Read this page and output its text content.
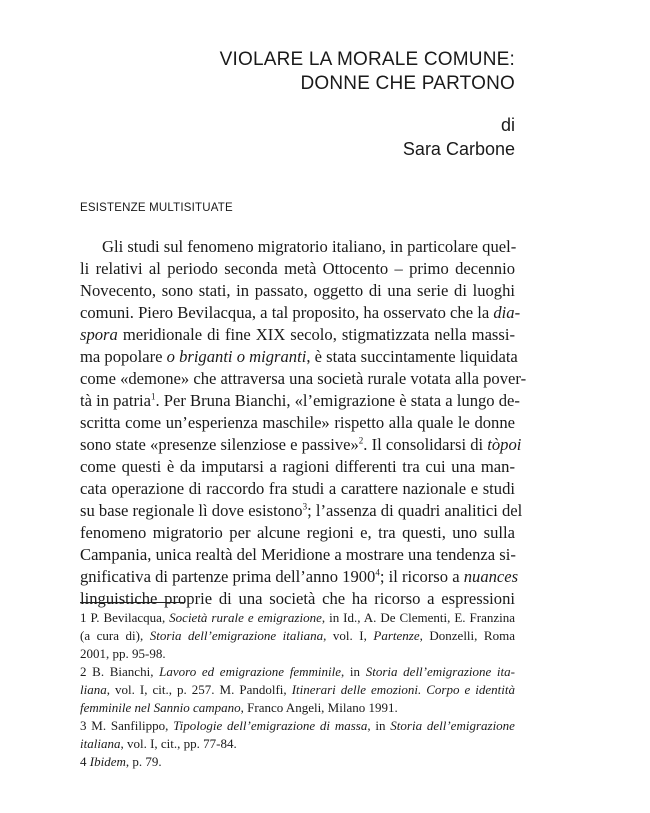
VIOLARE LA MORALE COMUNE:
DONNE CHE PARTONO
di
Sara Carbone
ESISTENZE MULTISITUATE
Gli studi sul fenomeno migratorio italiano, in particolare quel-
li relativi al periodo seconda metà Ottocento – primo decennio
Novecento, sono stati, in passato, oggetto di una serie di luoghi
comuni. Piero Bevilacqua, a tal proposito, ha osservato che la dia-
spora meridionale di fine XIX secolo, stigmatizzata nella massi-
ma popolare o briganti o migranti, è stata succintamente liquidata
come «demone» che attraversa una società rurale votata alla pover-
tà in patria$^1$. Per Bruna Bianchi, «l’emigrazione è stata a lungo de-
scritta come un’esperienza maschile» rispetto alla quale le donne
sono state «presenze silenziose e passive»$^2$. Il consolidarsi di tòpoi
come questi è da imputarsi a ragioni differenti tra cui una man-
cata operazione di raccordo fra studi a carattere nazionale e studi
su base regionale lì dove esistono$^3$; l’assenza di quadri analitici del
fenomeno migratorio per alcune regioni e, tra questi, uno sulla
Campania, unica realtà del Meridione a mostrare una tendenza si-
gnificativa di partenze prima dell’anno 1900$^4$; il ricorso a nuances
linguistiche proprie di una società che ha ricorso a espressioni
1 P. Bevilacqua, Società rurale e emigrazione, in Id., A. De Clementi, E. Franzina
(a cura di), Storia dell’emigrazione italiana, vol. I, Partenze, Donzelli, Roma
2001, pp. 95-98.
2 B. Bianchi, Lavoro ed emigrazione femminile, in Storia dell’emigrazione ita-
liana, vol. I, cit., p. 257. M. Pandolfi, Itinerari delle emozioni. Corpo e identità
femminile nel Sannio campano, Franco Angeli, Milano 1991.
3 M. Sanfilippo, Tipologie dell’emigrazione di massa, in Storia dell’emigrazione
italiana, vol. I, cit., pp. 77-84.
4 Ibidem, p. 79.
